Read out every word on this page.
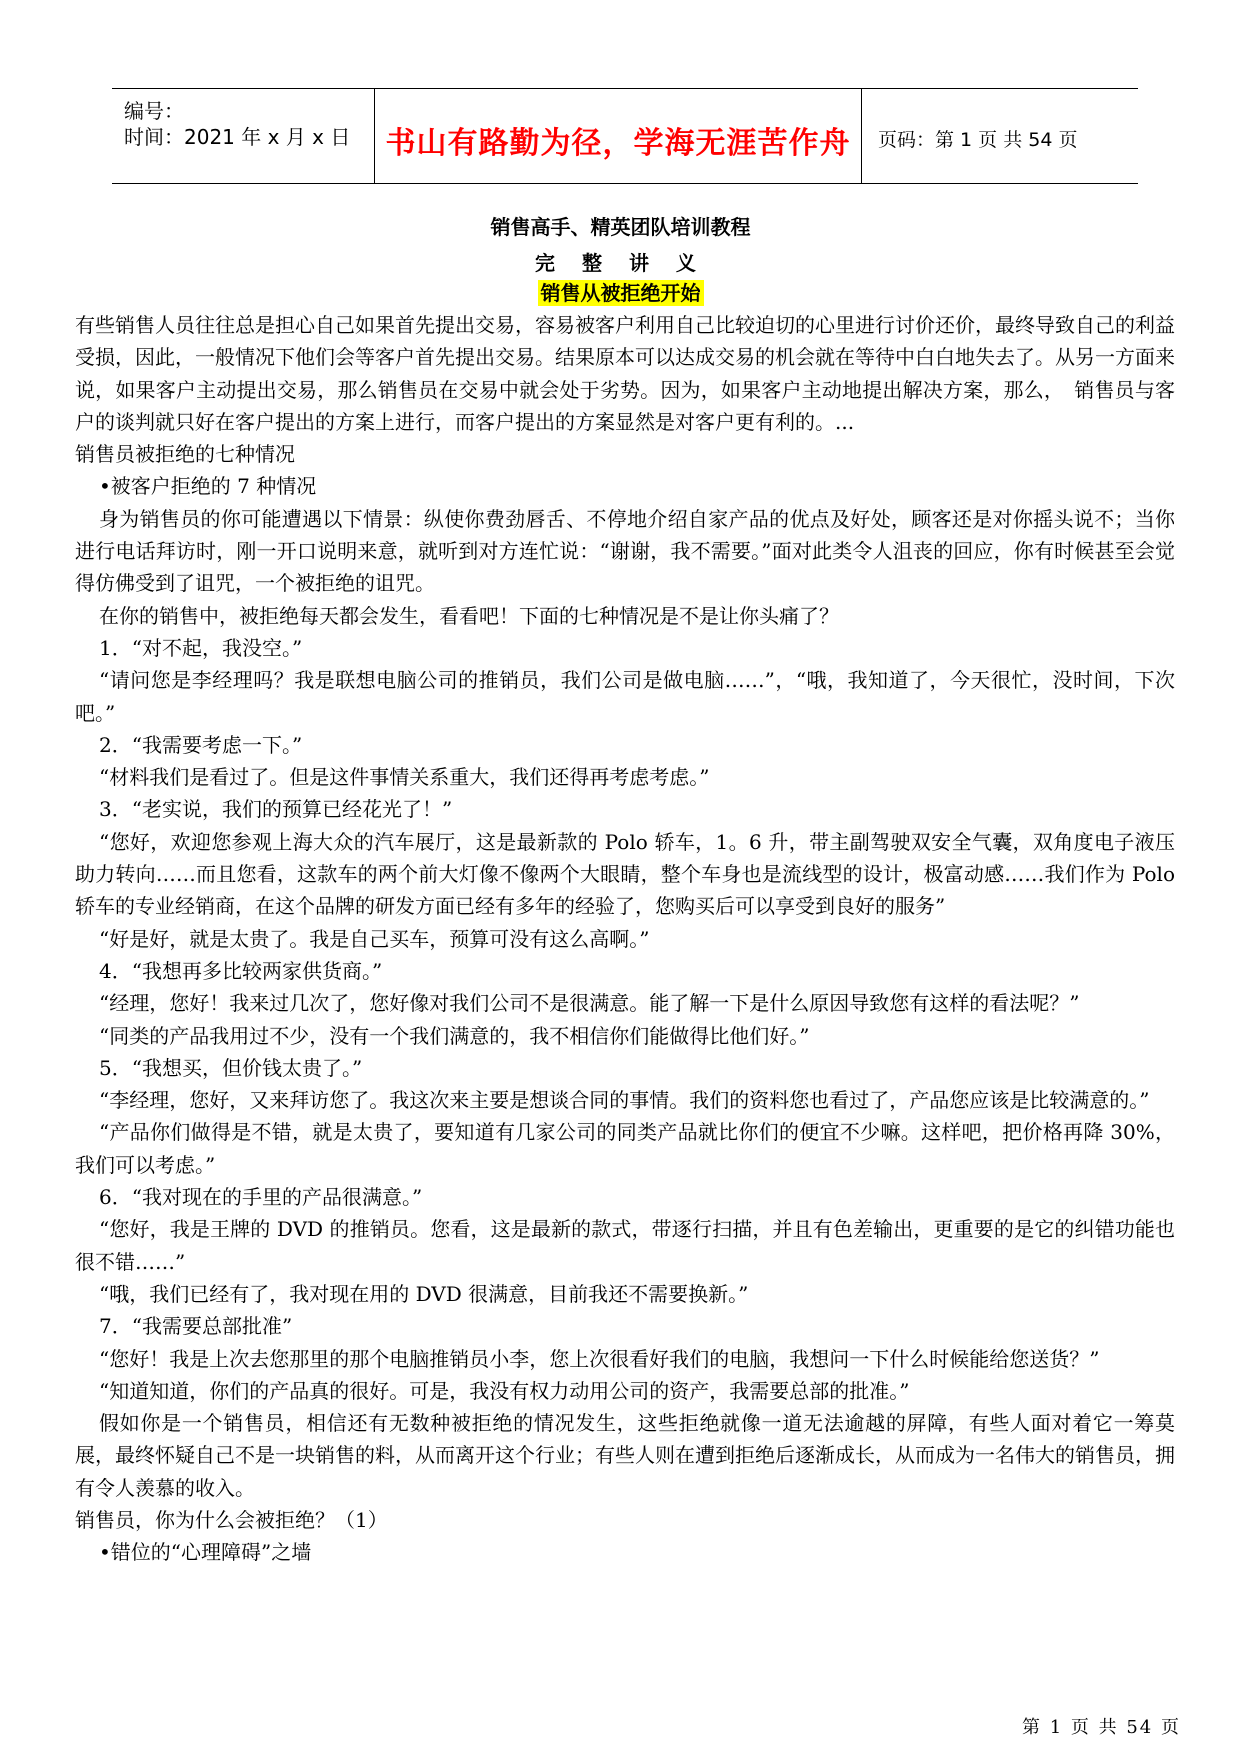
编号：
时间：2021 年 x 月 x 日	书山有路勤为径，学海无涯苦作舟	页码：第 1 页 共 54 页
销售高手、精英团队培训教程
完 整 讲 义
销售从被拒绝开始

有些销售人员往往总是担心自己如果首先提出交易，容易被客户利用自己比较迫切的心里进行讨价还价，最终导致自己的利益受损，因此，一般情况下他们会等客户首先提出交易。结果原本可以达成交易的机会就在等待中白白地失去了。从另一方面来说，如果客户主动提出交易，那么销售员在交易中就会处于劣势。因为，如果客户主动地提出解决方案，那么，　销售员与客户的谈判就只好在客户提出的方案上进行，而客户提出的方案显然是对客户更有利的。...

销售员被拒绝的七种情况

•被客户拒绝的 7 种情况

身为销售员的你可能遭遇以下情景：纵使你费劲唇舌、不停地介绍自家产品的优点及好处，顾客还是对你摇头说不；当你进行电话拜访时，刚一开口说明来意，就听到对方连忙说：“谢谢，我不需要。”面对此类令人沮丧的回应，你有时候甚至会觉得仿佛受到了诅咒，一个被拒绝的诅咒。

在你的销售中，被拒绝每天都会发生，看看吧！下面的七种情况是不是让你头痛了？

1．“对不起，我没空。”

“请问您是李经理吗？我是联想电脑公司的推销员，我们公司是做电脑……”，“哦，我知道了，今天很忙，没时间，下次吧。”

2．“我需要考虑一下。”

“材料我们是看过了。但是这件事情关系重大，我们还得再考虑考虑。”

3．“老实说，我们的预算已经花光了！”

“您好，欢迎您参观上海大众的汽车展厅，这是最新款的 Polo 轿车，1。6 升，带主副驾驶双安全气囊，双角度电子液压助力转向……而且您看，这款车的两个前大灯像不像两个大眼睛，整个车身也是流线型的设计，极富动感……我们作为 Polo 轿车的专业经销商，在这个品牌的研发方面已经有多年的经验了，您购买后可以享受到良好的服务”

“好是好，就是太贵了。我是自己买车，预算可没有这么高啊。”

4．“我想再多比较两家供货商。”

“经理，您好！我来过几次了，您好像对我们公司不是很满意。能了解一下是什么原因导致您有这样的看法呢？”

“同类的产品我用过不少，没有一个我们满意的，我不相信你们能做得比他们好。”

5．“我想买，但价钱太贵了。”

“李经理，您好，又来拜访您了。我这次来主要是想谈合同的事情。我们的资料您也看过了，产品您应该是比较满意的。”

“产品你们做得是不错，就是太贵了，要知道有几家公司的同类产品就比你们的便宜不少嘛。这样吧，把价格再降 30%，我们可以考虑。”

6．“我对现在的手里的产品很满意。”

“您好，我是王牌的 DVD 的推销员。您看，这是最新的款式，带逐行扫描，并且有色差输出，更重要的是它的纠错功能也很不错……”

“哦，我们已经有了，我对现在用的 DVD 很满意，目前我还不需要换新。”

7．“我需要总部批准”

“您好！我是上次去您那里的那个电脑推销员小李，您上次很看好我们的电脑，我想问一下什么时候能给您送货？”

“知道知道，你们的产品真的很好。可是，我没有权力动用公司的资产，我需要总部的批准。”

假如你是一个销售员，相信还有无数种被拒绝的情况发生，这些拒绝就像一道无法逾越的屏障，有些人面对着它一筹莫展，最终怀疑自己不是一块销售的料，从而离开这个行业；有些人则在遭到拒绝后逐渐成长，从而成为一名伟大的销售员，拥有令人羡慕的收入。

销售员，你为什么会被拒绝？（1）

•错位的“心理障碍”之墙

第 1 页 共 54 页
